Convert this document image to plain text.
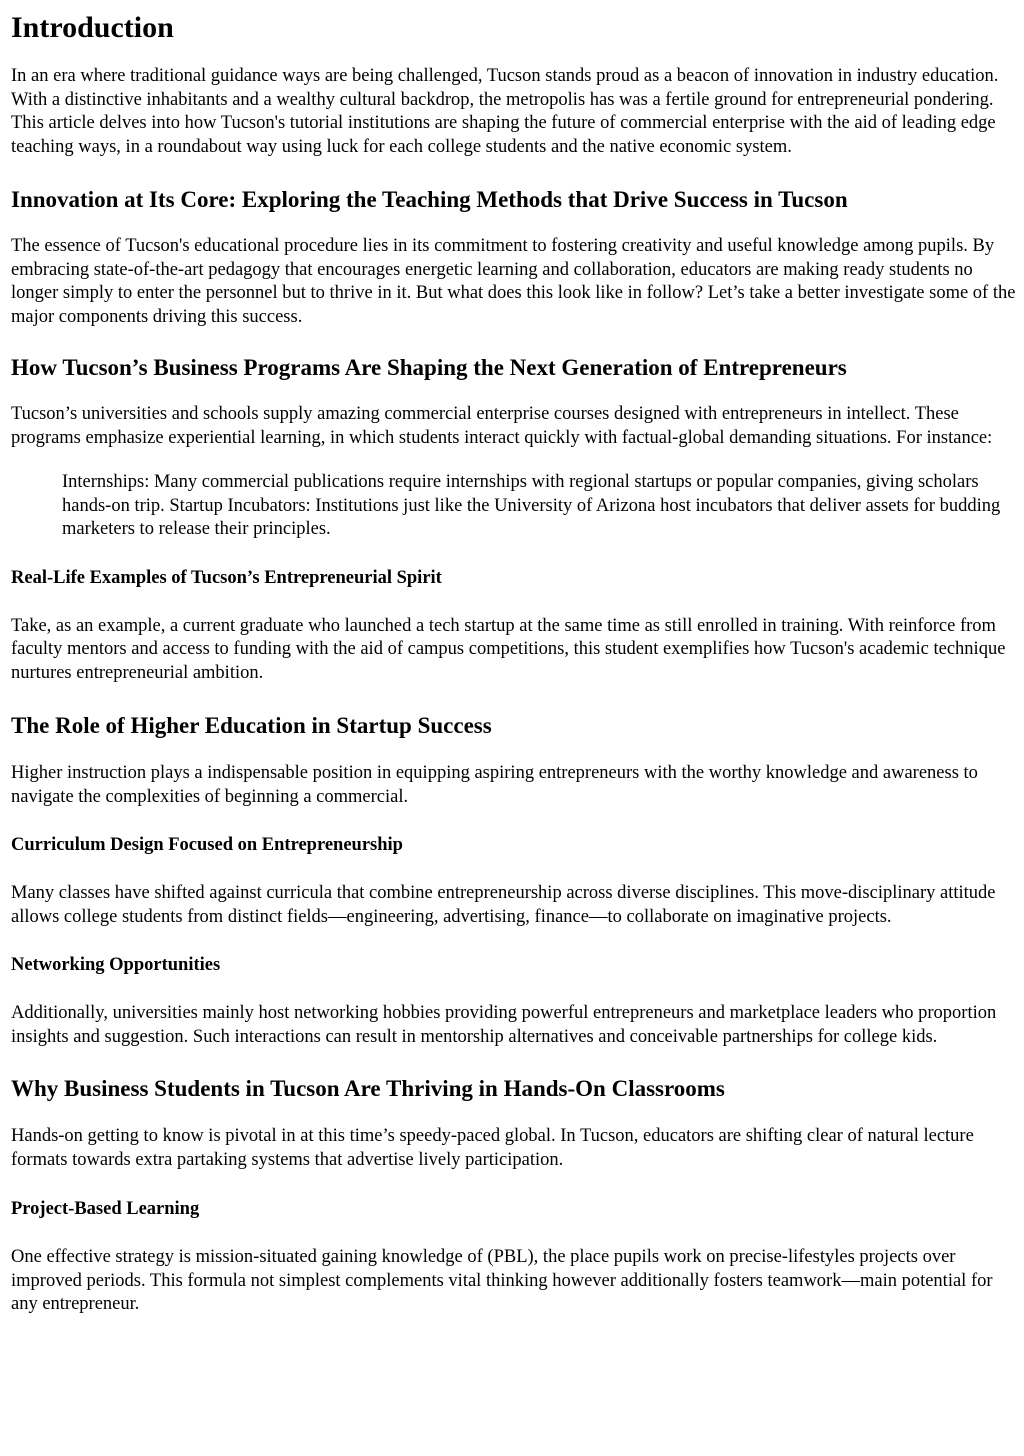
Introduction

In an era where traditional guidance ways are being challenged, Tucson stands proud as a beacon of innovation in industry education. With a distinctive inhabitants and a wealthy cultural backdrop, the metropolis has was a fertile ground for entrepreneurial pondering. This article delves into how Tucson's tutorial institutions are shaping the future of commercial enterprise with the aid of leading edge teaching ways, in a roundabout way using luck for each college students and the native economic system.

Innovation at Its Core: Exploring the Teaching Methods that Drive Success in Tucson

The essence of Tucson's educational procedure lies in its commitment to fostering creativity and useful knowledge among pupils. By embracing state-of-the-art pedagogy that encourages energetic learning and collaboration, educators are making ready students no longer simply to enter the personnel but to thrive in it. But what does this look like in follow? Let’s take a better investigate some of the major components driving this success.

How Tucson’s Business Programs Are Shaping the Next Generation of Entrepreneurs

Tucson’s universities and schools supply amazing commercial enterprise courses designed with entrepreneurs in intellect. These programs emphasize experiential learning, in which students interact quickly with factual-global demanding situations. For instance:

Internships: Many commercial publications require internships with regional startups or popular companies, giving scholars hands-on trip. Startup Incubators: Institutions just like the University of Arizona host incubators that deliver assets for budding marketers to release their principles.
Real-Life Examples of Tucson’s Entrepreneurial Spirit

Take, as an example, a current graduate who launched a tech startup at the same time as still enrolled in training. With reinforce from faculty mentors and access to funding with the aid of campus competitions, this student exemplifies how Tucson's academic technique nurtures entrepreneurial ambition.

The Role of Higher Education in Startup Success

Higher instruction plays a indispensable position in equipping aspiring entrepreneurs with the worthy knowledge and awareness to navigate the complexities of beginning a commercial.

Curriculum Design Focused on Entrepreneurship

Many classes have shifted against curricula that combine entrepreneurship across diverse disciplines. This move-disciplinary attitude allows college students from distinct fields—engineering, advertising, finance—to collaborate on imaginative projects.

Networking Opportunities

Additionally, universities mainly host networking hobbies providing powerful entrepreneurs and marketplace leaders who proportion insights and suggestion. Such interactions can result in mentorship alternatives and conceivable partnerships for college kids.

Why Business Students in Tucson Are Thriving in Hands-On Classrooms

Hands-on getting to know is pivotal in at this time’s speedy-paced global. In Tucson, educators are shifting clear of natural lecture formats towards extra partaking systems that advertise lively participation.

Project-Based Learning

One effective strategy is mission-situated gaining knowledge of (PBL), the place pupils work on precise-lifestyles projects over improved periods. This formula not simplest complements vital thinking however additionally fosters teamwork—main potential for any entrepreneur.
